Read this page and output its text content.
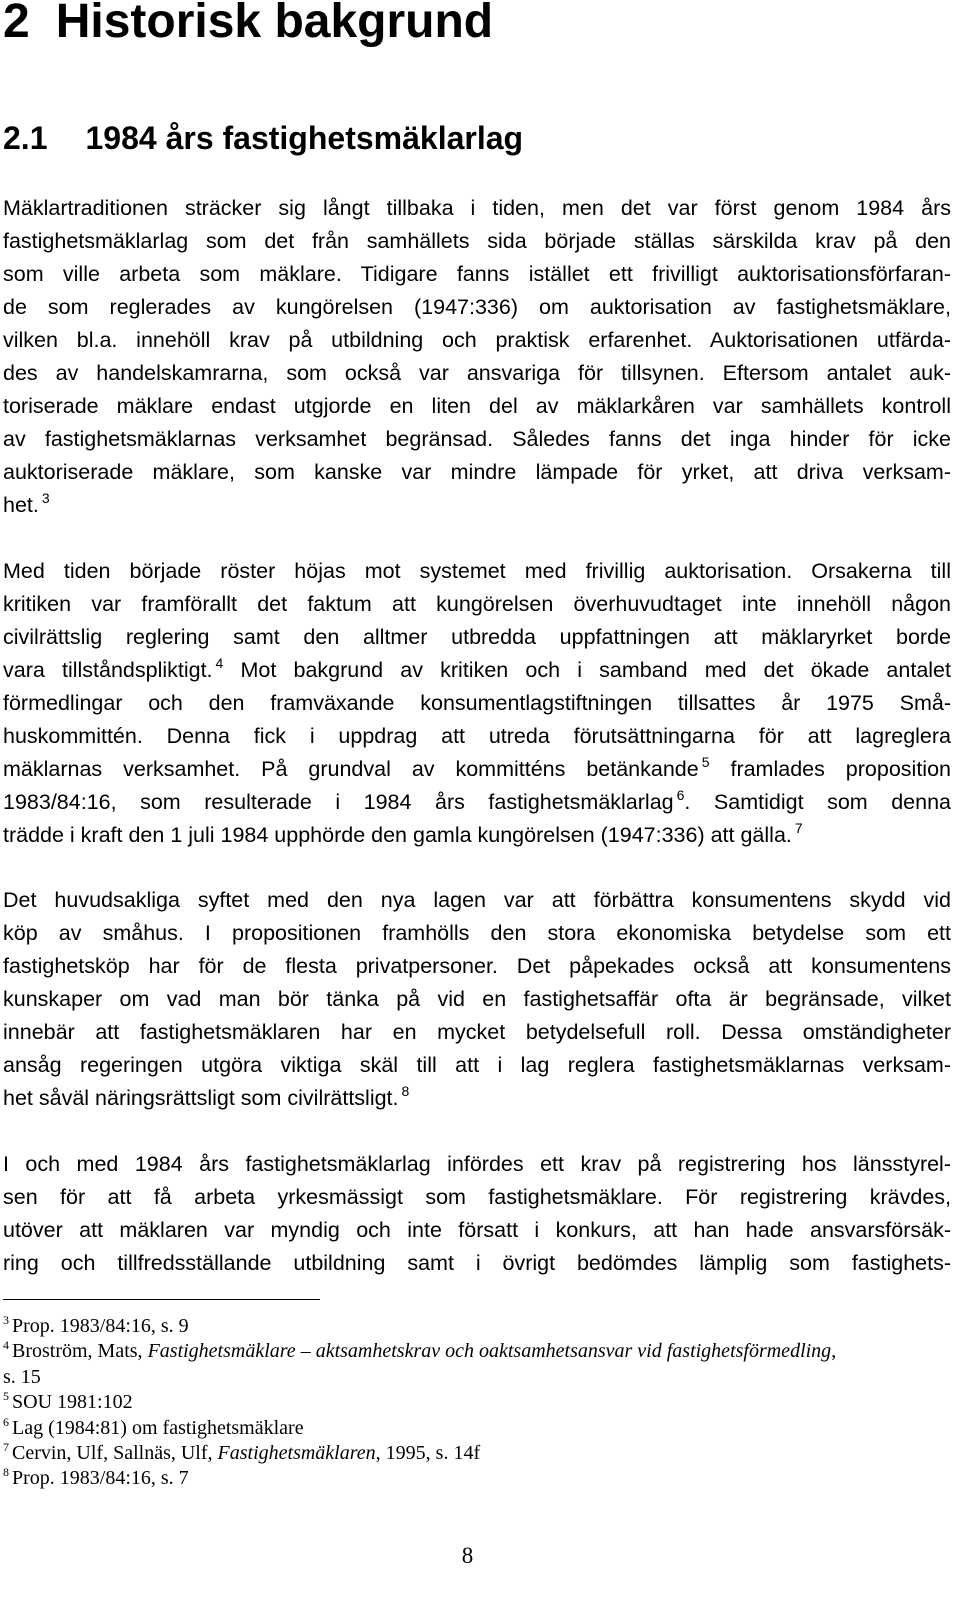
2 Historisk bakgrund
2.1 1984 års fastighetsmäklarlag
Mäklartraditionen sträcker sig långt tillbaka i tiden, men det var först genom 1984 års
fastighetsmäklarlag som det från samhällets sida började ställas särskilda krav på den
som ville arbeta som mäklare. Tidigare fanns istället ett frivilligt auktorisationsförfaran-
de som reglerades av kungörelsen (1947:336) om auktorisation av fastighetsmäklare,
vilken bl.a. innehöll krav på utbildning och praktisk erfarenhet. Auktorisationen utfärda-
des av handelskamrarna, som också var ansvariga för tillsynen. Eftersom antalet auk-
toriserade mäklare endast utgjorde en liten del av mäklarkåren var samhällets kontroll
av fastighetsmäklarnas verksamhet begränsad. Således fanns det inga hinder för icke
auktoriserade mäklare, som kanske var mindre lämpade för yrket, att driva verksam-
het. $^3$
Med tiden började röster höjas mot systemet med frivillig auktorisation. Orsakerna till
kritiken var framförallt det faktum att kungörelsen överhuvudtaget inte innehöll någon
civilrättslig reglering samt den alltmer utbredda uppfattningen att mäklaryrket borde
vara tillståndspliktigt. $^4$ Mot bakgrund av kritiken och i samband med det ökade antalet
förmedlingar och den framväxande konsumentlagstiftningen tillsattes år 1975 Små-
huskommittén. Denna fick i uppdrag att utreda förutsättningarna för att lagreglera
mäklarnas verksamhet. På grundval av kommitténs betänkande $^5$ framlades proposition
1983/84:16, som resulterade i 1984 års fastighetsmäklarlag $^6$. Samtidigt som denna
trädde i kraft den 1 juli 1984 upphörde den gamla kungörelsen (1947:336) att gälla. $^7$
Det huvudsakliga syftet med den nya lagen var att förbättra konsumentens skydd vid
köp av småhus. I propositionen framhölls den stora ekonomiska betydelse som ett
fastighetsköp har för de flesta privatpersoner. Det påpekades också att konsumentens
kunskaper om vad man bör tänka på vid en fastighetsaffär ofta är begränsade, vilket
innebär att fastighetsmäklaren har en mycket betydelsefull roll. Dessa omständigheter
ansåg regeringen utgöra viktiga skäl till att i lag reglera fastighetsmäklarnas verksam-
het såväl näringsrättsligt som civilrättsligt. $^8$
I och med 1984 års fastighetsmäklarlag infördes ett krav på registrering hos länsstyrel-
sen för att få arbeta yrkesmässigt som fastighetsmäklare. För registrering krävdes,
utöver att mäklaren var myndig och inte försatt i konkurs, att han hade ansvarsförsäk-
ring och tillfredsställande utbildning samt i övrigt bedömdes lämplig som fastighets-
$^3$ Prop. 1983/84:16, s. 9
$^4$ Broström, Mats, Fastighetsmäklare – aktsamhetskrav och oaktsamhetsansvar vid fastighetsförmedling,
s. 15
$^5$ SOU 1981:102
$^6$ Lag (1984:81) om fastighetsmäklare
$^7$ Cervin, Ulf, Sallnäs, Ulf, Fastighetsmäklaren, 1995, s. 14f
$^8$ Prop. 1983/84:16, s. 7
8
